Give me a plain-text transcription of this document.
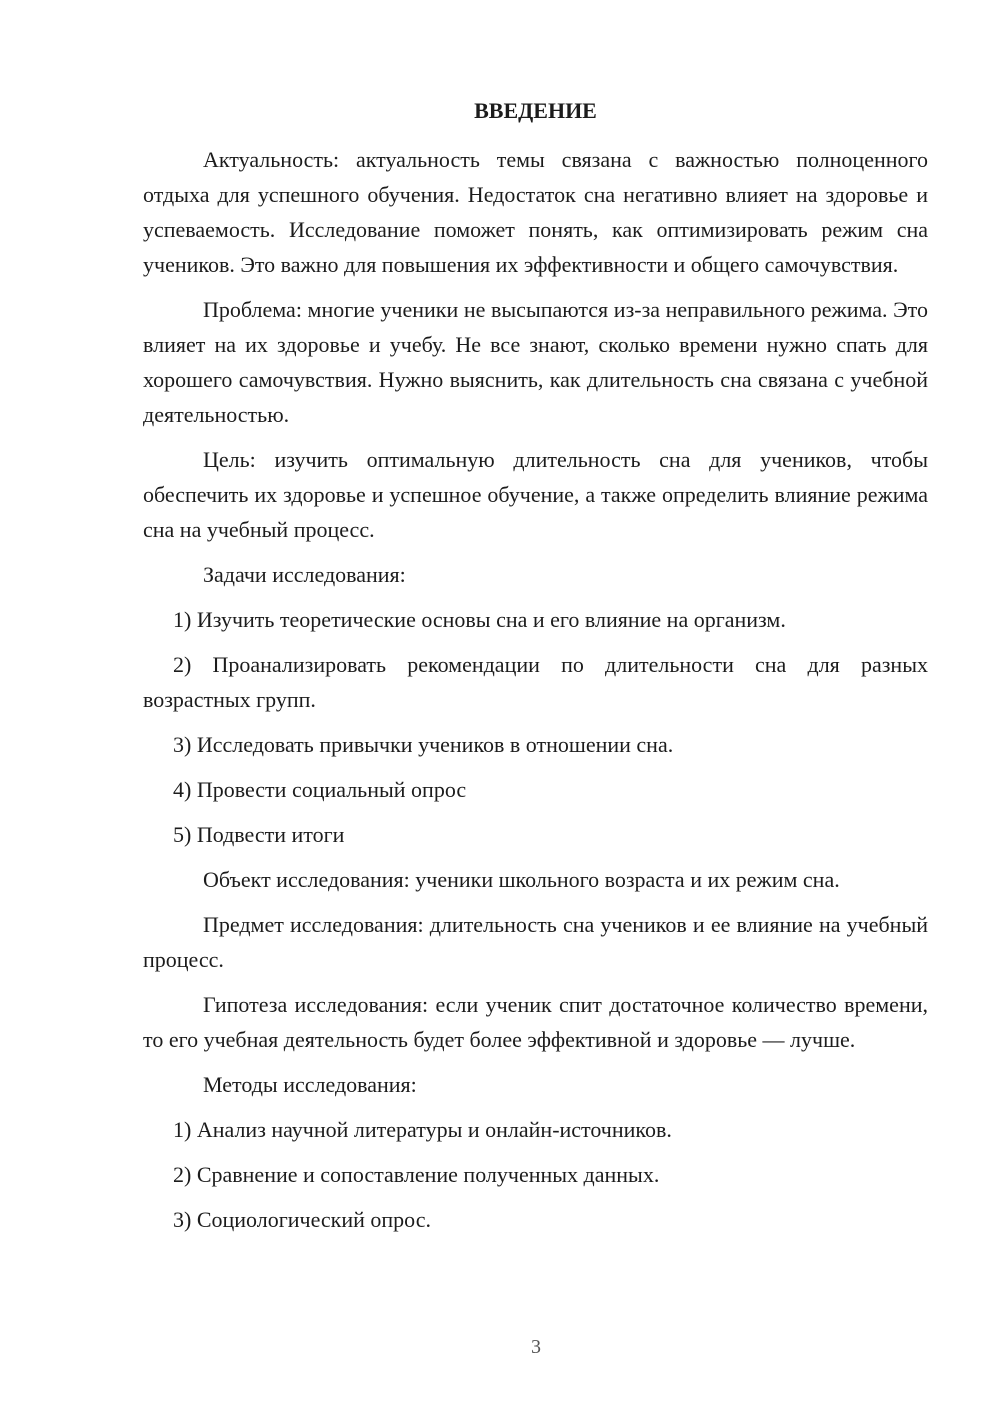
ВВЕДЕНИЕ

Актуальность: актуальность темы связана с важностью полноценного отдыха для успешного обучения. Недостаток сна негативно влияет на здоровье и успеваемость. Исследование поможет понять, как оптимизировать режим сна учеников. Это важно для повышения их эффективности и общего самочувствия.

Проблема: многие ученики не высыпаются из-за неправильного режима. Это влияет на их здоровье и учебу. Не все знают, сколько времени нужно спать для хорошего самочувствия. Нужно выяснить, как длительность сна связана с учебной деятельностью.

Цель: изучить оптимальную длительность сна для учеников, чтобы обеспечить их здоровье и успешное обучение, а также определить влияние режима сна на учебный процесс.

Задачи исследования:

1) Изучить теоретические основы сна и его влияние на организм.

2) Проанализировать рекомендации по длительности сна для разных возрастных групп.

3) Исследовать привычки учеников в отношении сна.

4) Провести социальный опрос

5) Подвести итоги

Объект исследования: ученики школьного возраста и их режим сна.

Предмет исследования: длительность сна учеников и ее влияние на учебный процесс.

Гипотеза исследования: если ученик спит достаточное количество времени, то его учебная деятельность будет более эффективной и здоровье — лучше.

Методы исследования:

1) Анализ научной литературы и онлайн-источников.

2) Сравнение и сопоставление полученных данных.

3) Социологический опрос.

3
